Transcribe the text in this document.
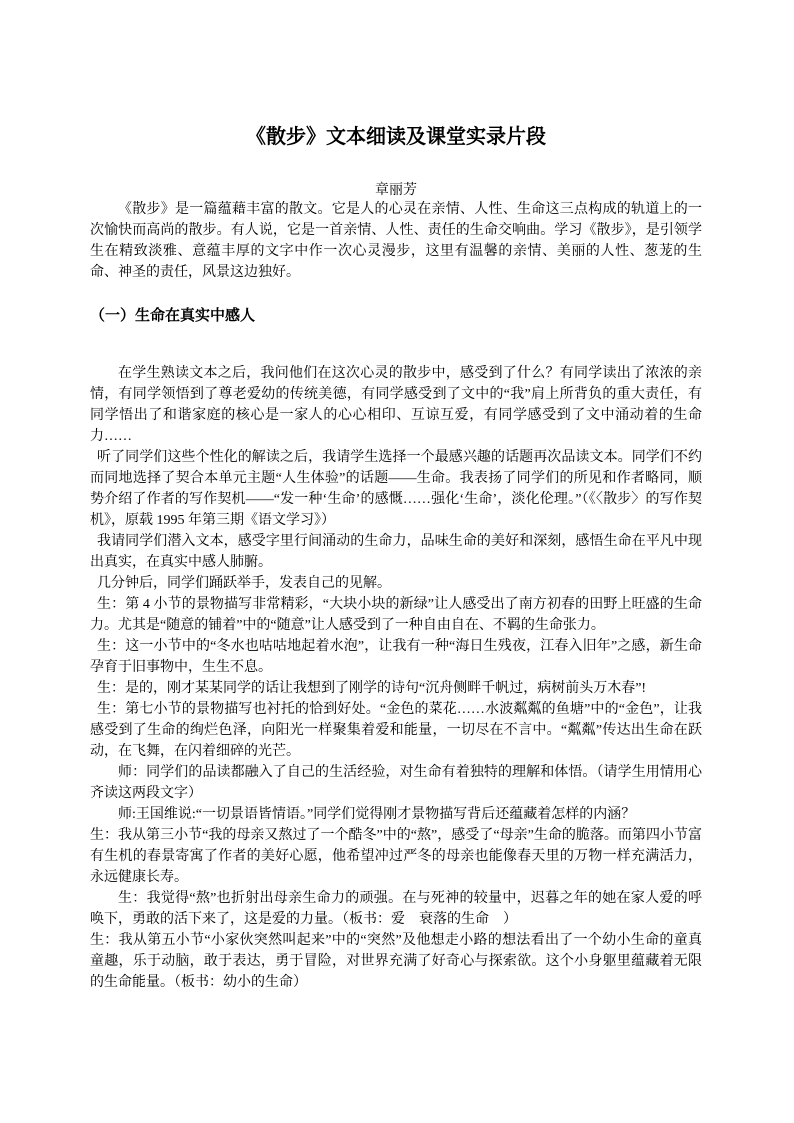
《散步》文本细读及课堂实录片段
章丽芳

《散步》是一篇蕴藉丰富的散文。它是人的心灵在亲情、人性、生命这三点构成的轨道上的一次愉快而高尚的散步。有人说，它是一首亲情、人性、责任的生命交响曲。学习《散步》，是引领学生在精致淡雅、意蕴丰厚的文字中作一次心灵漫步，这里有温馨的亲情、美丽的人性、葱茏的生命、神圣的责任，风景这边独好。

（一）生命在真实中感人

在学生熟读文本之后，我问他们在这次心灵的散步中，感受到了什么？有同学读出了浓浓的亲情，有同学领悟到了尊老爱幼的传统美德，有同学感受到了文中的“我”肩上所背负的重大责任，有同学悟出了和谐家庭的核心是一家人的心心相印、互谅互爱，有同学感受到了文中涌动着的生命力……

听了同学们这些个性化的解读之后，我请学生选择一个最感兴趣的话题再次品读文本。同学们不约而同地选择了契合本单元主题“人生体验”的话题——生命。我表扬了同学们的所见和作者略同，顺势介绍了作者的写作契机——“发一种‘生命’的感慨……强化‘生命’，淡化伦理。”（《〈散步〉的写作契机》，原载 1995 年第三期《语文学习》）

我请同学们潜入文本，感受字里行间涌动的生命力，品味生命的美好和深刻，感悟生命在平凡中现出真实，在真实中感人肺腑。

几分钟后，同学们踊跃举手，发表自己的见解。

生：第 4 小节的景物描写非常精彩，“大块小块的新绿”让人感受出了南方初春的田野上旺盛的生命力。尤其是“随意的铺着”中的“随意”让人感受到了一种自由自在、不羁的生命张力。

生：这一小节中的“冬水也咕咕地起着水泡”，让我有一种“海日生残夜，江春入旧年”之感，新生命孕育于旧事物中，生生不息。

生：是的，刚才某某同学的话让我想到了刚学的诗句“沉舟侧畔千帆过，病树前头万木春”!

生：第七小节的景物描写也衬托的恰到好处。“金色的菜花……水波粼粼的鱼塘”中的“金色”，让我感受到了生命的绚烂色泽，向阳光一样聚集着爱和能量，一切尽在不言中。“粼粼”传达出生命在跃动，在飞舞，在闪着细碎的光芒。

师：同学们的品读都融入了自己的生活经验，对生命有着独特的理解和体悟。（请学生用情用心齐读这两段文字）

师:王国维说:“一切景语皆情语。”同学们觉得刚才景物描写背后还蕴藏着怎样的内涵？

生：我从第三小节“我的母亲又熬过了一个酷冬”中的“熬”，感受了“母亲”生命的脆落。而第四小节富有生机的春景寄寓了作者的美好心愿，他希望冲过严冬的母亲也能像春天里的万物一样充满活力，永远健康长寿。

生：我觉得“熬”也折射出母亲生命力的顽强。在与死神的较量中，迟暮之年的她在家人爱的呼唤下，勇敢的活下来了，这是爱的力量。（板书：爱　衰落的生命　）

生：我从第五小节“小家伙突然叫起来”中的“突然”及他想走小路的想法看出了一个幼小生命的童真童趣，乐于动脑，敢于表达，勇于冒险，对世界充满了好奇心与探索欲。这个小身躯里蕴藏着无限的生命能量。（板书：幼小的生命）
